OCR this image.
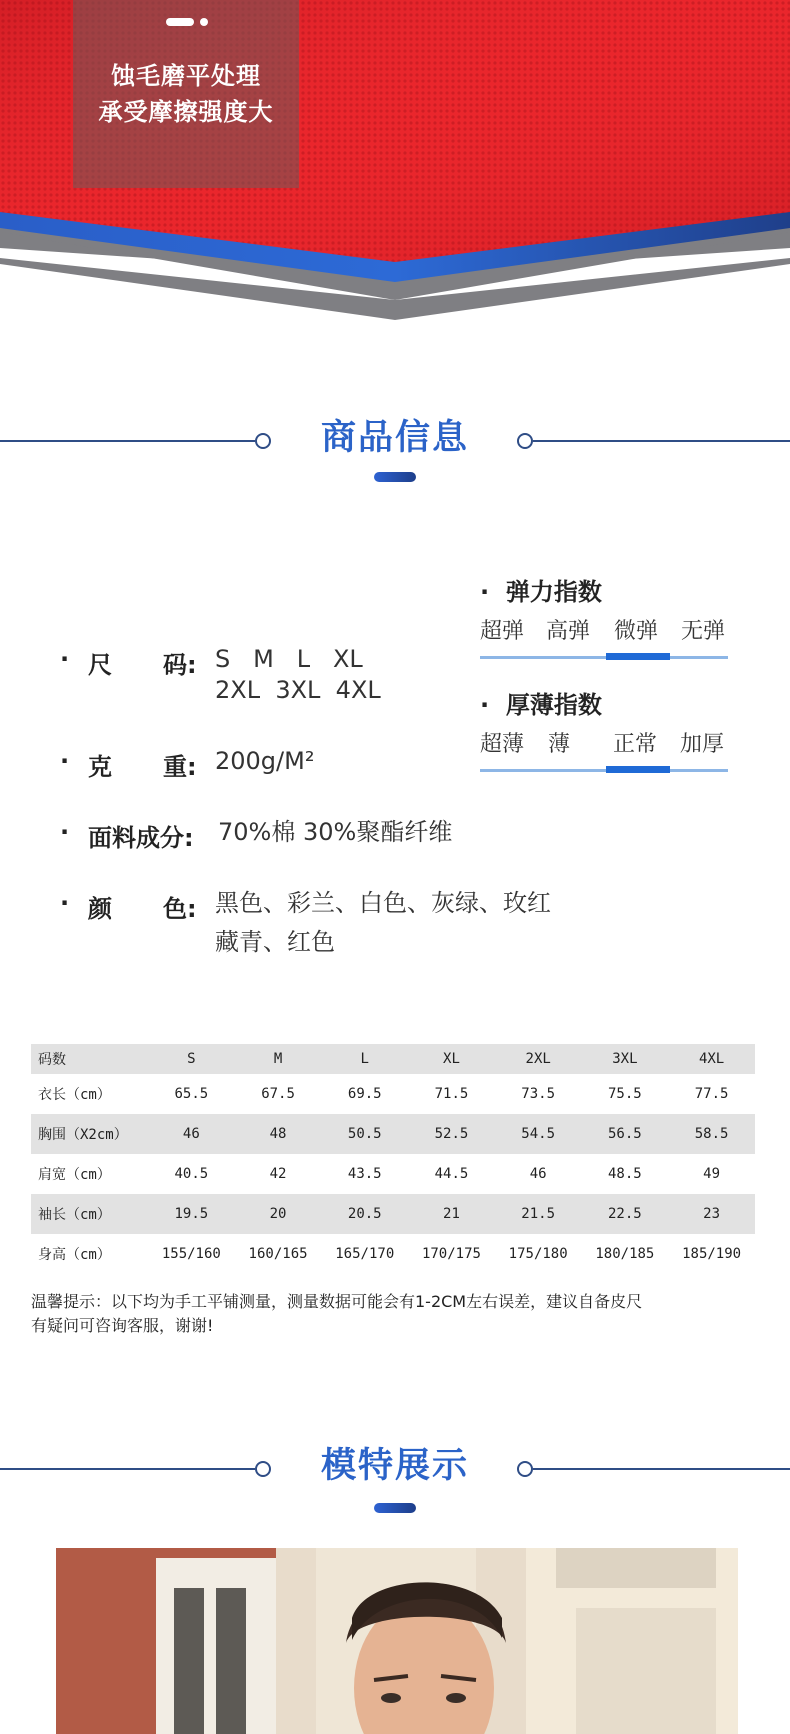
蚀毛磨平处理
承受摩擦强度大
商品信息
· 尺 码: S   M   L   XL
2XL  3XL  4XL
· 克 重: 200g/M²
· 面料成分: 70%棉 30%聚酯纤维
· 颜 色: 黑色、彩兰、白色、灰绿、玫红
藏青、红色
·  弹力指数
超弹 高弹 微弹 无弹
·  厚薄指数
超薄 薄 正常 加厚
码数	S	M	L	XL	2XL	3XL	4XL
衣长（cm）	65.5	67.5	69.5	71.5	73.5	75.5	77.5
胸围（X2cm）	46	48	50.5	52.5	54.5	56.5	58.5
肩宽（cm）	40.5	42	43.5	44.5	46	48.5	49
袖长（cm）	19.5	20	20.5	21	21.5	22.5	23
身高（cm）	155/160	160/165	165/170	170/175	175/180	180/185	185/190
温馨提示：以下均为手工平铺测量，测量数据可能会有1-2CM左右误差，建议自备皮尺
有疑问可咨询客服，谢谢!
模特展示
